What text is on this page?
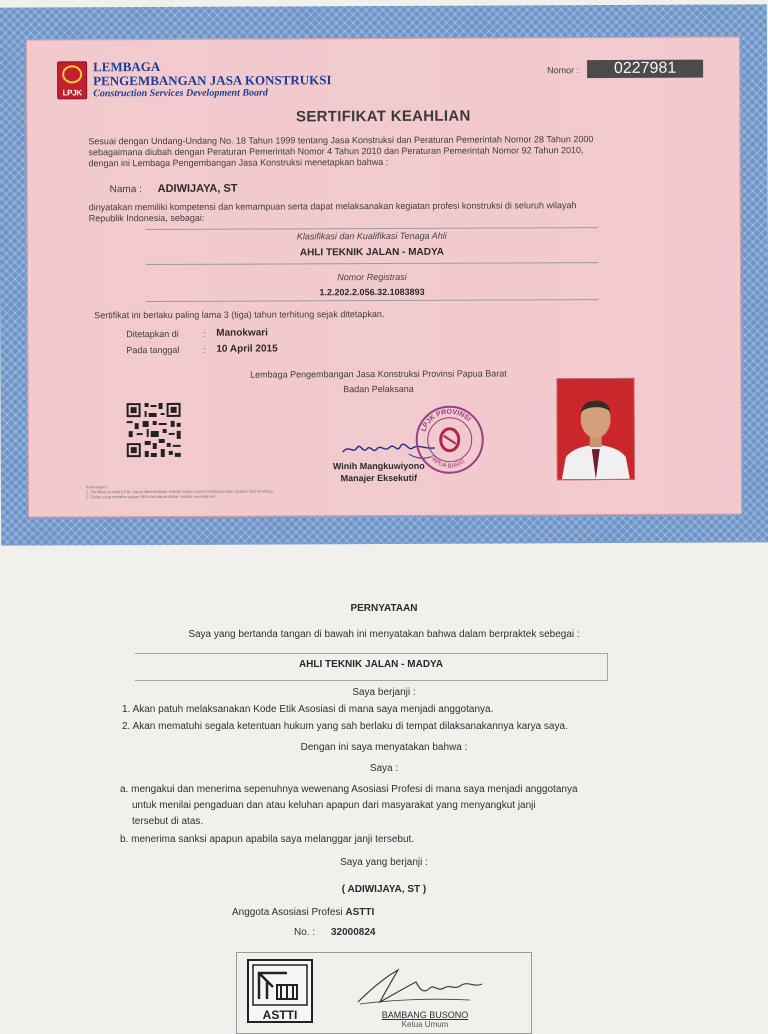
LPJK
LEMBAGA
PENGEMBANGAN JASA KONSTRUKSI
Construction Services Development Board
Nomor :	0227981
SERTIFIKAT KEAHLIAN
Sesuai dengan Undang-Undang No. 18 Tahun 1999 tentang Jasa Konstruksi dan Peraturan Pemerintah Nomor 28 Tahun 2000
sebagaimana diubah dengan Peraturan Pemerintah Nomor 4 Tahun 2010 dan Peraturan Pemerintah Nomor 92 Tahun 2010,
dengan ini Lembaga Pengembangan Jasa Konstruksi menetapkan bahwa :
Nama : ADIWIJAYA, ST
dinyatakan memiliki kompetensi dan kemampuan serta dapat melaksanakan kegiatan profesi konstruksi di seluruh wilayah
Republik Indonesia, sebagai:
Klasifikasi dan Kualifikasi Tenaga Ahli
AHLI TEKNIK JALAN - MADYA
Nomor Registrasi
1.2.202.2.056.32.1083893
Sertifikat ini berlaku paling lama 3 (tiga) tahun terhitung sejak ditetapkan.
Ditetapkan di	: Manokwari
Pada tanggal	: 10 April 2015
Lembaga Pengembangan Jasa Konstruksi Provinsi Papua Barat
Badan Pelaksana
Winih Mangkuwiyono
Manajer Eksekutif
LPJK PROVINSI
PAPUA BARAT
Keterangan:
1. Sertifikat ini milik LPJK, harus dikembalikan setelah waktu masa berlakunya atau dicabut oleh lembaga
2. Daftar yang terdaftar dalam SKA dan dapat dilihat melalui www.lpjk.net
PERNYATAAN
Saya yang bertanda tangan di bawah ini menyatakan bahwa dalam berpraktek sebegai :
AHLI TEKNIK JALAN - MADYA
Saya berjanji :
1. Akan patuh melaksanakan Kode Etik Asosiasi di mana saya menjadi anggotanya.
2. Akan mematuhi segala ketentuan hukum yang sah berlaku di tempat dilaksanakannya karya saya.
Dengan ini saya menyatakan bahwa :
Saya :
a. mengakui dan menerima sepenuhnya wewenang Asosiasi Profesi di mana saya menjadi anggotanya
untuk menilai pengaduan dan atau keluhan apapun dari masyarakat yang menyangkut janji
tersebut di atas.
b. menerima sanksi apapun apabila saya melanggar janji tersebut.
Saya yang berjanji :
( ADIWIJAYA, ST )
Anggota Asosiasi Profesi ASTTI
No. : 32000824
ASTTI	BAMBANG BUSONO
Ketua Umum
